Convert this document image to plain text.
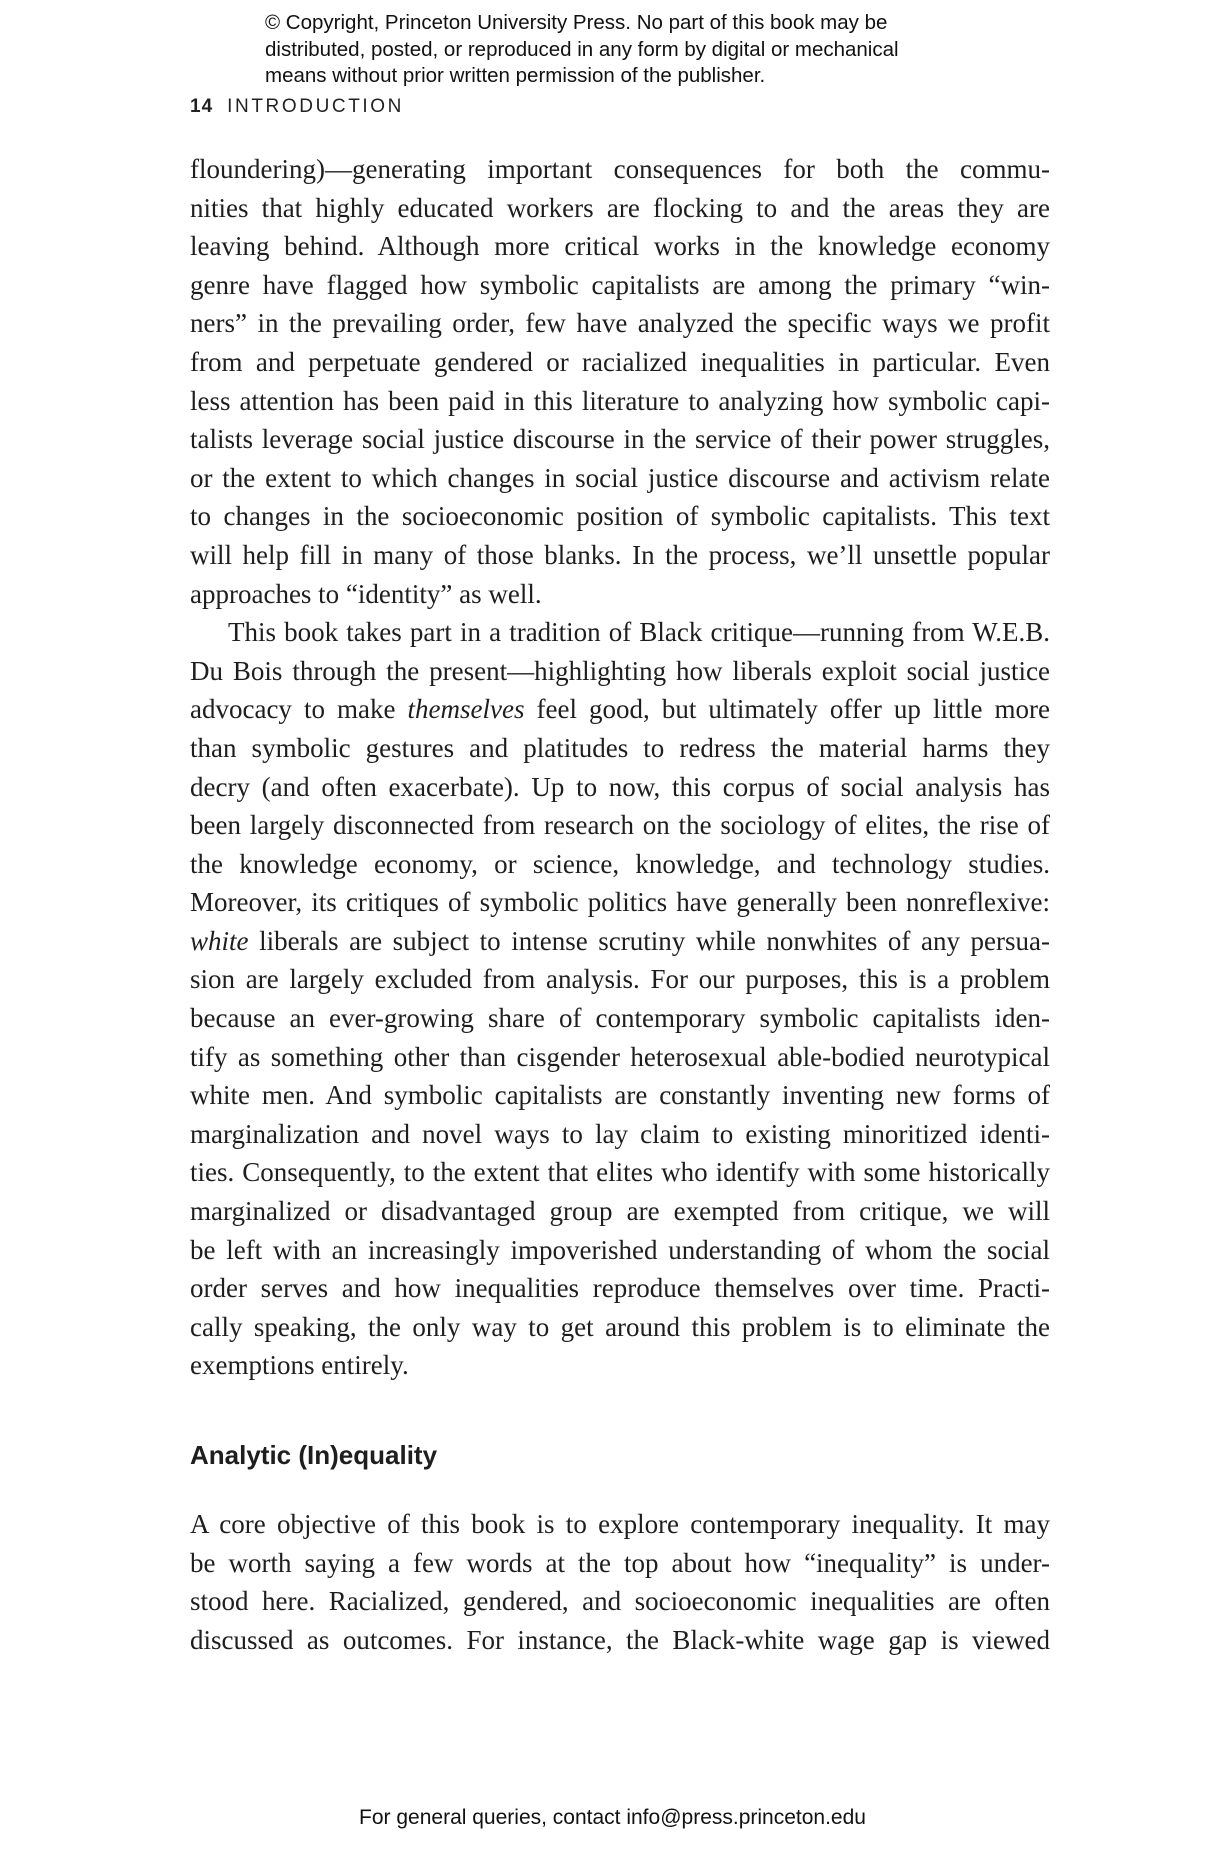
© Copyright, Princeton University Press. No part of this book may be
distributed, posted, or reproduced in any form by digital or mechanical
means without prior written permission of the publisher.
14 INTRODUCTION
floundering)—generating important consequences for both the commu-
nities that highly educated workers are flocking to and the areas they are
leaving behind. Although more critical works in the knowledge economy
genre have flagged how symbolic capitalists are among the primary “win-
ners” in the prevailing order, few have analyzed the specific ways we profit
from and perpetuate gendered or racialized inequalities in particular. Even
less attention has been paid in this literature to analyzing how symbolic capi-
talists leverage social justice discourse in the service of their power struggles,
or the extent to which changes in social justice discourse and activism relate
to changes in the socioeconomic position of symbolic capitalists. This text
will help fill in many of those blanks. In the process, we’ll unsettle popular
approaches to “identity” as well.
This book takes part in a tradition of Black critique—running from W.E.B.
Du Bois through the present—highlighting how liberals exploit social justice
advocacy to make themselves feel good, but ultimately offer up little more
than symbolic gestures and platitudes to redress the material harms they
decry (and often exacerbate). Up to now, this corpus of social analysis has
been largely disconnected from research on the sociology of elites, the rise of
the knowledge economy, or science, knowledge, and technology studies.
Moreover, its critiques of symbolic politics have generally been nonreflexive:
white liberals are subject to intense scrutiny while nonwhites of any persua-
sion are largely excluded from analysis. For our purposes, this is a problem
because an ever-growing share of contemporary symbolic capitalists iden-
tify as something other than cisgender heterosexual able-bodied neurotypical
white men. And symbolic capitalists are constantly inventing new forms of
marginalization and novel ways to lay claim to existing minoritized identi-
ties. Consequently, to the extent that elites who identify with some historically
marginalized or disadvantaged group are exempted from critique, we will
be left with an increasingly impoverished understanding of whom the social
order serves and how inequalities reproduce themselves over time. Practi-
cally speaking, the only way to get around this problem is to eliminate the
exemptions entirely.
Analytic (In)equality
A core objective of this book is to explore contemporary inequality. It may
be worth saying a few words at the top about how “inequality” is under-
stood here. Racialized, gendered, and socioeconomic inequalities are often
discussed as outcomes. For instance, the Black-white wage gap is viewed
For general queries, contact info@press.princeton.edu
